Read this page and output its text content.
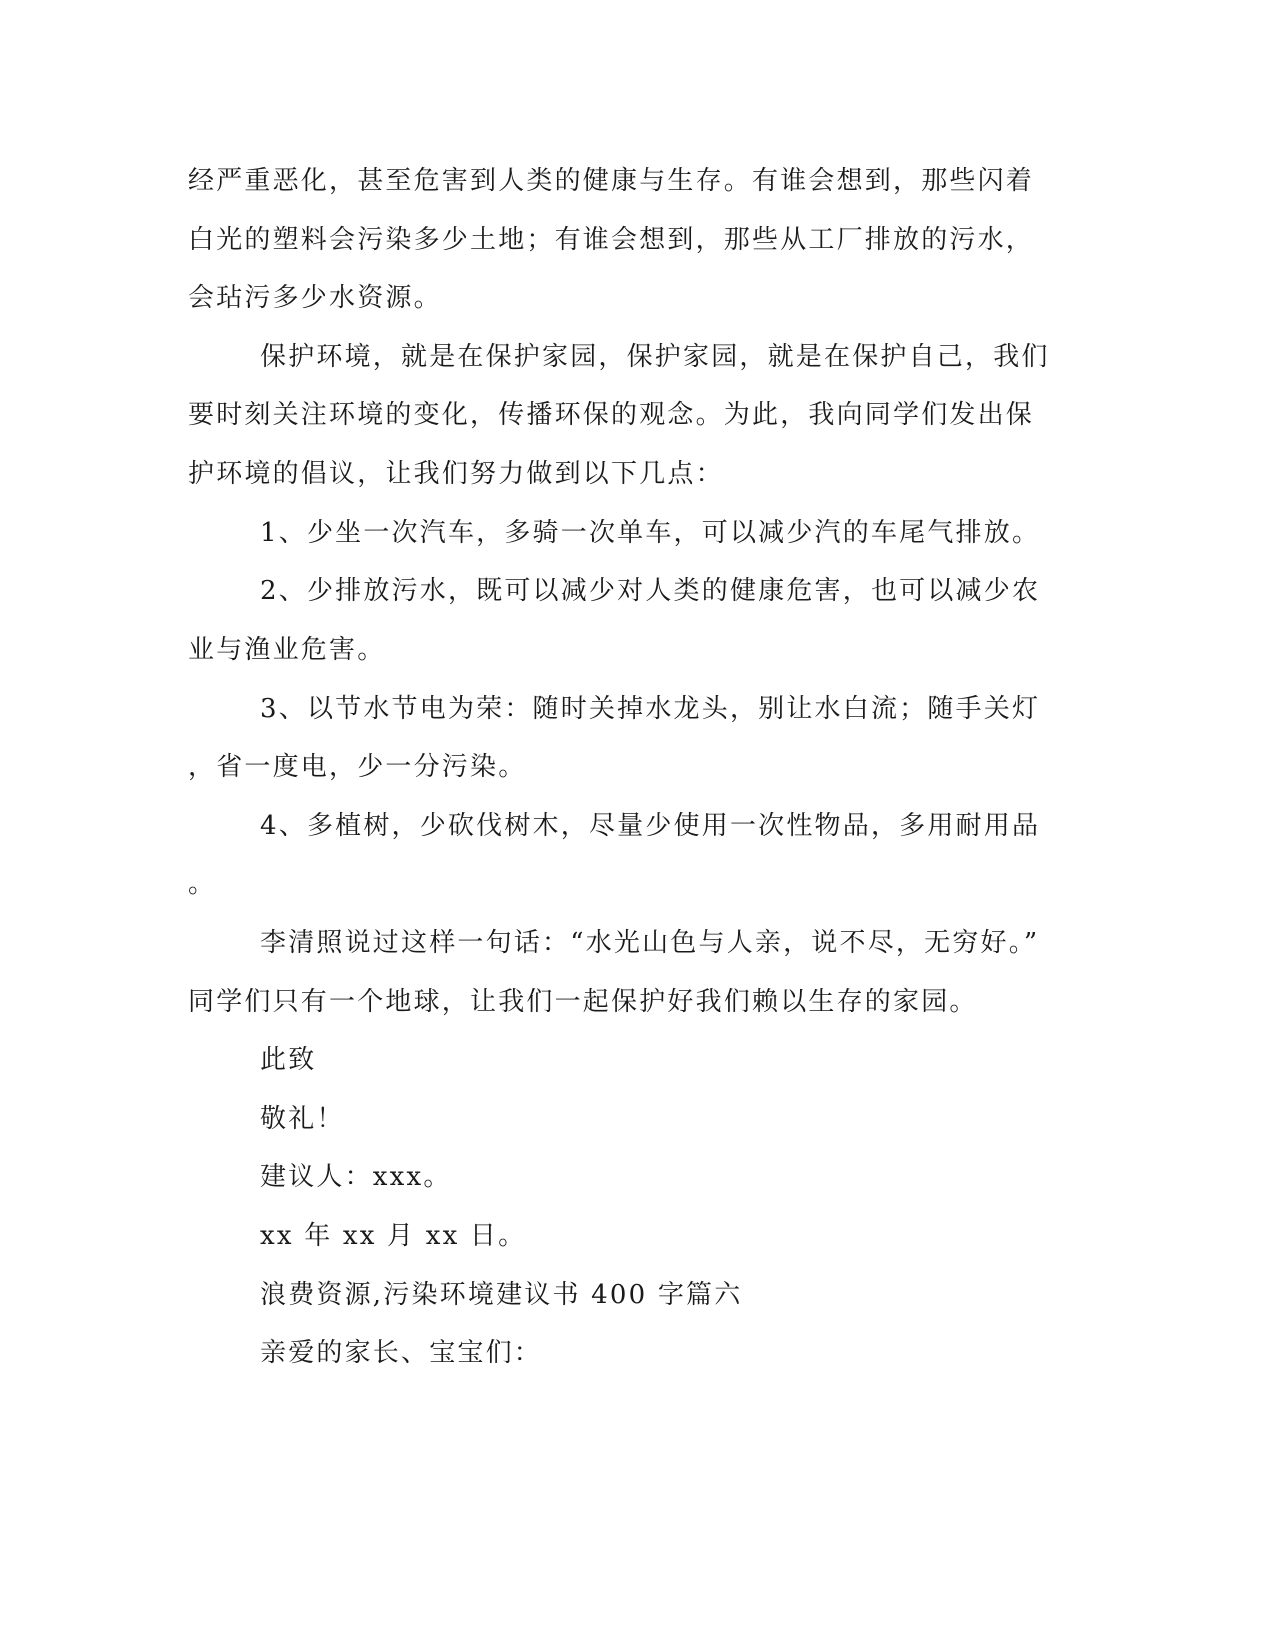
经严重恶化，甚至危害到人类的健康与生存。有谁会想到，那些闪着
白光的塑料会污染多少土地；有谁会想到，那些从工厂排放的污水，
会玷污多少水资源。
保护环境，就是在保护家园，保护家园，就是在保护自己，我们
要时刻关注环境的变化，传播环保的观念。为此，我向同学们发出保
护环境的倡议，让我们努力做到以下几点：
1、少坐一次汽车，多骑一次单车，可以减少汽的车尾气排放。
2、少排放污水，既可以减少对人类的健康危害，也可以减少农
业与渔业危害。
3、以节水节电为荣：随时关掉水龙头，别让水白流；随手关灯
，省一度电，少一分污染。
4、多植树，少砍伐树木，尽量少使用一次性物品，多用耐用品
。
李清照说过这样一句话：“水光山色与人亲，说不尽，无穷好。”
同学们只有一个地球，让我们一起保护好我们赖以生存的家园。
此致
敬礼！
建议人：xxx。
xx 年 xx 月 xx 日。
浪费资源,污染环境建议书 400 字篇六
亲爱的家长、宝宝们：
